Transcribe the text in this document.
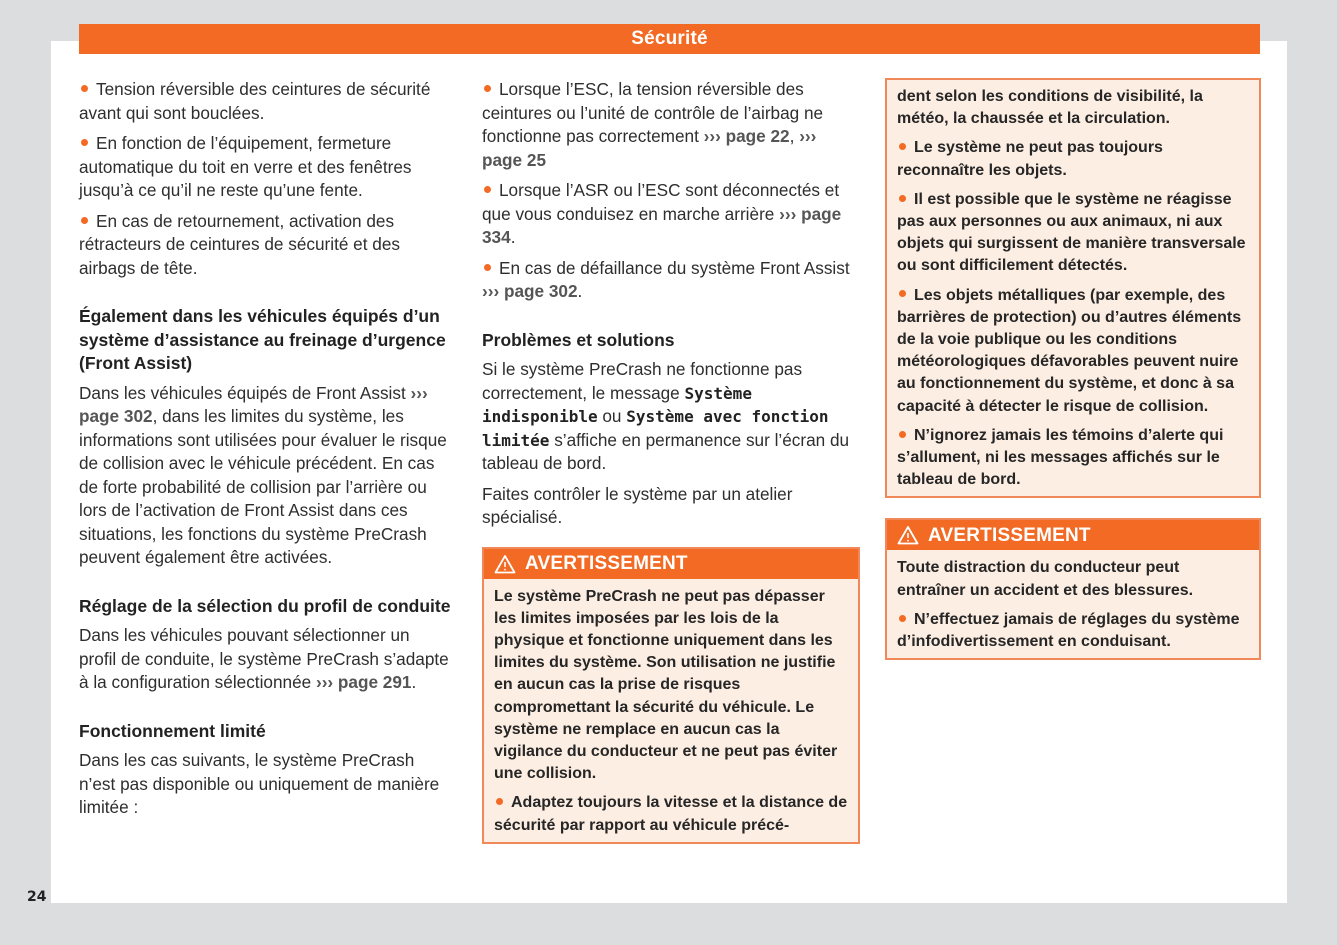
Sécurité

Tension réversible des ceintures de sécurité avant qui sont bouclées.

En fonction de l’équipement, fermeture automatique du toit en verre et des fenêtres jusqu’à ce qu’il ne reste qu’une fente.

En cas de retournement, activation des rétracteurs de ceintures de sécurité et des airbags de tête.

Également dans les véhicules équipés d’un système d’assistance au freinage d’urgence (Front Assist)

Dans les véhicules équipés de Front Assist ››› page 302, dans les limites du système, les informations sont utilisées pour évaluer le risque de collision avec le véhicule précédent. En cas de forte probabilité de collision par l’arrière ou lors de l’activation de Front Assist dans ces situations, les fonctions du système PreCrash peuvent également être activées.

Réglage de la sélection du profil de conduite

Dans les véhicules pouvant sélectionner un profil de conduite, le système PreCrash s’adapte à la configuration sélectionnée ››› page 291.

Fonctionnement limité

Dans les cas suivants, le système PreCrash n’est pas disponible ou uniquement de manière limitée :

Lorsque l’ESC, la tension réversible des ceintures ou l’unité de contrôle de l’airbag ne fonctionne pas correctement ››› page 22, ››› page 25

Lorsque l’ASR ou l’ESC sont déconnectés et que vous conduisez en marche arrière ››› page 334.

En cas de défaillance du système Front Assist ››› page 302.

Problèmes et solutions

Si le système PreCrash ne fonctionne pas correctement, le message Système indisponible ou Système avec fonction limitée s’affiche en permanence sur l’écran du tableau de bord.

Faites contrôler le système par un atelier spécialisé.

AVERTISSEMENT

Le système PreCrash ne peut pas dépasser les limites imposées par les lois de la physique et fonctionne uniquement dans les limites du système. Son utilisation ne justifie en aucun cas la prise de risques compromettant la sécurité du véhicule. Le système ne remplace en aucun cas la vigilance du conducteur et ne peut pas éviter une collision.

Adaptez toujours la vitesse et la distance de sécurité par rapport au véhicule précé-

dent selon les conditions de visibilité, la météo, la chaussée et la circulation.

Le système ne peut pas toujours reconnaître les objets.

Il est possible que le système ne réagisse pas aux personnes ou aux animaux, ni aux objets qui surgissent de manière transversale ou sont difficilement détectés.

Les objets métalliques (par exemple, des barrières de protection) ou d’autres éléments de la voie publique ou les conditions météorologiques défavorables peuvent nuire au fonctionnement du système, et donc à sa capacité à détecter le risque de collision.

N’ignorez jamais les témoins d’alerte qui s’allument, ni les messages affichés sur le tableau de bord.

AVERTISSEMENT

Toute distraction du conducteur peut entraîner un accident et des blessures.

N’effectuez jamais de réglages du système d’infodivertissement en conduisant.

24
